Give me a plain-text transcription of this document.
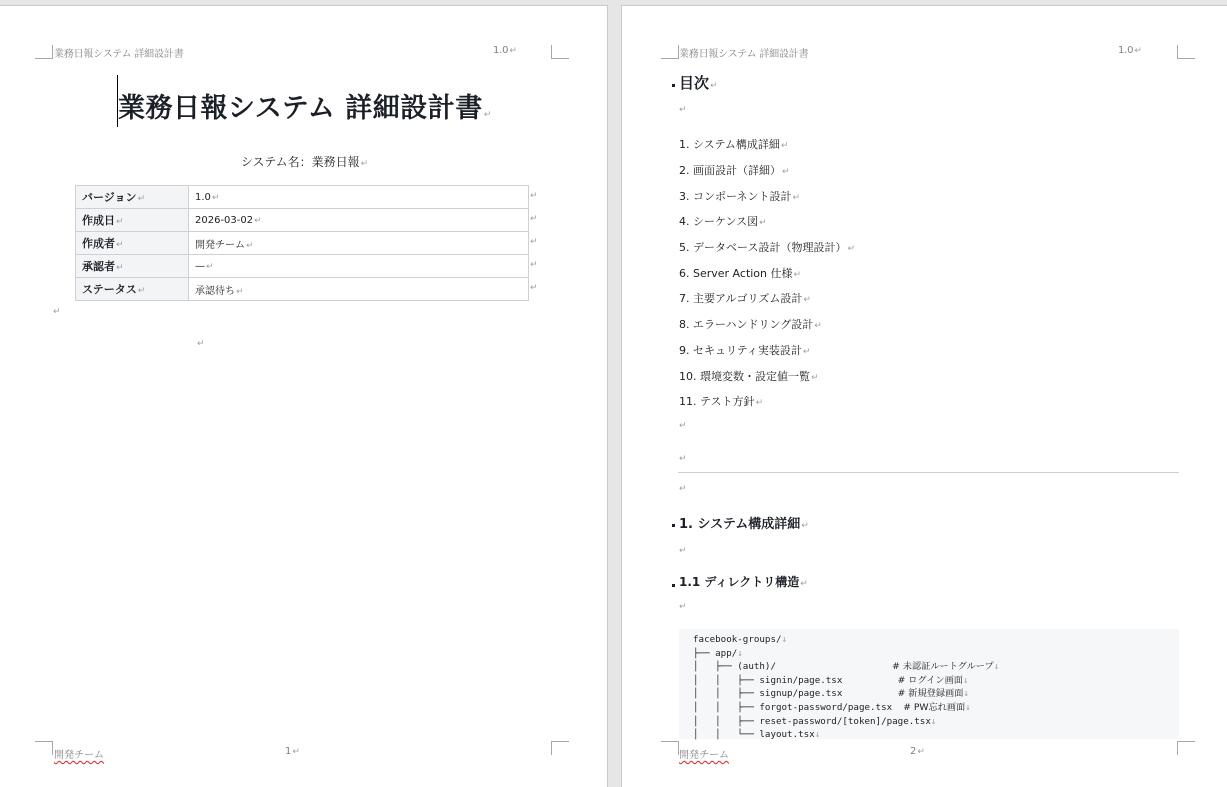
業務日報システム 詳細設計書	1.0↵
業務日報システム 詳細設計書↵
システム名：業務日報↵
バージョン↵	1.0↵
作成日↵	2026-03-02↵
作成者↵	開発チーム↵
承認者↵	—↵
ステータス↵	承認待ち↵
↵
↵
↵
↵
↵
↵
↵
開発チーム	1↵
業務日報システム 詳細設計書	1.0↵
目次↵
↵
1. システム構成詳細↵
2. 画面設計（詳細）↵
3. コンポーネント設計↵
4. シーケンス図↵
5. データベース設計（物理設計）↵
6. Server Action 仕様↵
7. 主要アルゴリズム設計↵
8. エラーハンドリング設計↵
9. セキュリティ実装設計↵
10. 環境変数・設定値一覧↵
11. テスト方針↵
↵
↵
↵
1. システム構成詳細↵
↵
1.1 ディレクトリ構造↵
↵
facebook-groups/↓
├── app/↓
│   ├── (auth)/                     # 未認証ルートグループ↓
│   │   ├── signin/page.tsx          # ログイン画面↓
│   │   ├── signup/page.tsx          # 新規登録画面↓
│   │   ├── forgot-password/page.tsx  # PW忘れ画面↓
│   │   ├── reset-password/[token]/page.tsx↓
│   │   └── layout.tsx↓
開発チーム	2↵
